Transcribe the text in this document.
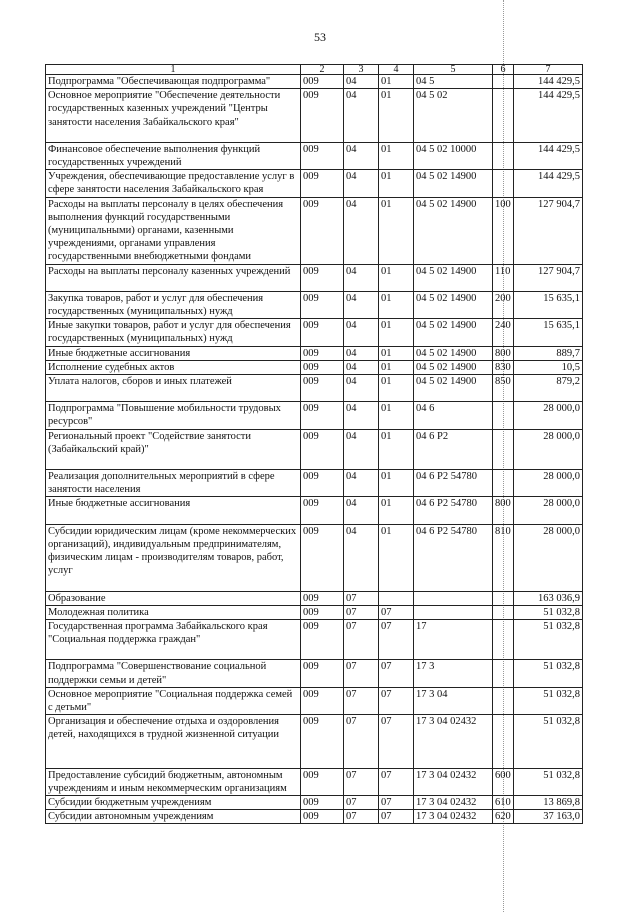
53
1	2	3	4	5	6	7
Подпрограмма "Обеспечивающая подпрограмма"	009	04	01	04 5		144 429,5
Основное мероприятие "Обеспечение деятельности государственных казенных учреждений "Центры занятости населения Забайкальского края"	009	04	01	04 5 02		144 429,5
Финансовое обеспечение выполнения функций государственных учреждений	009	04	01	04 5 02 10000		144 429,5
Учреждения, обеспечивающие предоставление услуг в сфере занятости населения Забайкальского края	009	04	01	04 5 02 14900		144 429,5
Расходы на выплаты персоналу в целях обеспечения выполнения функций государственными (муниципальными) органами, казенными учреждениями, органами управления государственными внебюджетными фондами	009	04	01	04 5 02 14900	100	127 904,7
Расходы на выплаты персоналу казенных учреждений	009	04	01	04 5 02 14900	110	127 904,7
Закупка товаров, работ и услуг для обеспечения государственных (муниципальных) нужд	009	04	01	04 5 02 14900	200	15 635,1
Иные закупки товаров, работ и услуг для обеспечения государственных (муниципальных) нужд	009	04	01	04 5 02 14900	240	15 635,1
Иные бюджетные ассигнования	009	04	01	04 5 02 14900	800	889,7
Исполнение судебных актов	009	04	01	04 5 02 14900	830	10,5
Уплата налогов, сборов и иных платежей	009	04	01	04 5 02 14900	850	879,2
Подпрограмма "Повышение мобильности трудовых ресурсов"	009	04	01	04 6		28 000,0
Региональный проект "Содействие занятости (Забайкальский край)"	009	04	01	04 6 P2		28 000,0
Реализация дополнительных мероприятий в сфере занятости населения	009	04	01	04 6 P2 54780		28 000,0
Иные бюджетные ассигнования	009	04	01	04 6 P2 54780	800	28 000,0
Субсидии юридическим лицам (кроме некоммерческих организаций), индивидуальным предпринимателям, физическим лицам - производителям товаров, работ, услуг	009	04	01	04 6 P2 54780	810	28 000,0
Образование	009	07				163 036,9
Молодежная политика	009	07	07			51 032,8
Государственная программа Забайкальского края "Социальная поддержка граждан"	009	07	07	17		51 032,8
Подпрограмма "Совершенствование социальной поддержки семьи и детей"	009	07	07	17 3		51 032,8
Основное мероприятие "Социальная поддержка семей с детьми"	009	07	07	17 3 04		51 032,8
Организация и обеспечение отдыха и оздоровления детей, находящихся в трудной жизненной ситуации	009	07	07	17 3 04 02432		51 032,8
Предоставление субсидий бюджетным, автономным учреждениям и иным некоммерческим организациям	009	07	07	17 3 04 02432	600	51 032,8
Субсидии бюджетным учреждениям	009	07	07	17 3 04 02432	610	13 869,8
Субсидии автономным учреждениям	009	07	07	17 3 04 02432	620	37 163,0
